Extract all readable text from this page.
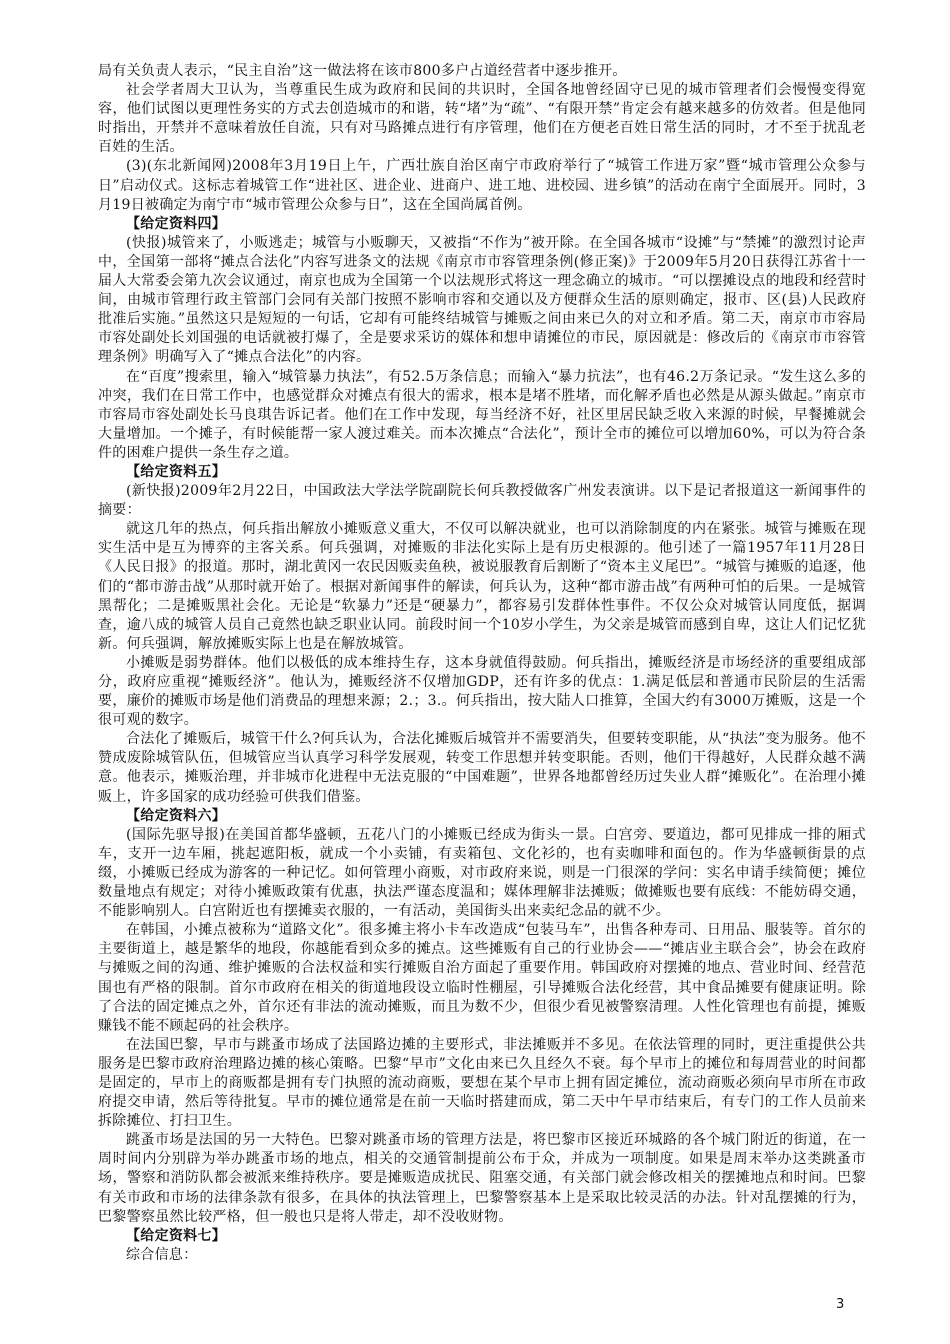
局有关负责人表示，“民主自治”这一做法将在该市800多户占道经营者中逐步推开。

社会学者周大卫认为，当尊重民生成为政府和民间的共识时，全国各地曾经固守已见的城市管理者们会慢慢变得宽容，他们试图以更理性务实的方式去创造城市的和谐，转“堵”为“疏”、“有限开禁”肯定会有越来越多的仿效者。但是他同时指出，开禁并不意味着放任自流，只有对马路摊点进行有序管理，他们在方便老百姓日常生活的同时，才不至于扰乱老百姓的生活。

(3)(东北新闻网)2008年3月19日上午，广西壮族自治区南宁市政府举行了“城管工作进万家”暨“城市管理公众参与日”启动仪式。这标志着城管工作“进社区、进企业、进商户、进工地、进校园、进乡镇”的活动在南宁全面展开。同时，3月19日被确定为南宁市“城市管理公众参与日”，这在全国尚属首例。

【给定资料四】

(快报)城管来了，小贩逃走；城管与小贩聊天，又被指“不作为”被开除。在全国各城市“设摊”与“禁摊”的激烈讨论声中，全国第一部将“摊点合法化”内容写进条文的法规《南京市市容管理条例(修正案)》于2009年5月20日获得江苏省十一届人大常委会第九次会议通过，南京也成为全国第一个以法规形式将这一理念确立的城市。“可以摆摊设点的地段和经营时间，由城市管理行政主管部门会同有关部门按照不影响市容和交通以及方便群众生活的原则确定，报市、区(县)人民政府批准后实施。”虽然这只是短短的一句话，它却有可能终结城管与摊贩之间由来已久的对立和矛盾。第二天，南京市市容局市容处副处长刘国强的电话就被打爆了，全是要求采访的媒体和想申请摊位的市民，原因就是：修改后的《南京市市容管理条例》明确写入了“摊点合法化”的内容。

在“百度”搜索里，输入“城管暴力执法”，有52.5万条信息；而输入“暴力抗法”，也有46.2万条记录。“发生这么多的冲突，我们在日常工作中，也感觉群众对摊点有很大的需求，根本是堵不胜堵，而化解矛盾也必然是从源头做起。”南京市市容局市容处副处长马良琪告诉记者。他们在工作中发现，每当经济不好，社区里居民缺乏收入来源的时候，早餐摊就会大量增加。一个摊子，有时候能帮一家人渡过难关。而本次摊点“合法化”，预计全市的摊位可以增加60%，可以为符合条件的困难户提供一条生存之道。

【给定资料五】

(新快报)2009年2月22日，中国政法大学法学院副院长何兵教授做客广州发表演讲。以下是记者报道这一新闻事件的摘要：

就这几年的热点，何兵指出解放小摊贩意义重大，不仅可以解决就业，也可以消除制度的内在紧张。城管与摊贩在现实生活中是互为博弈的主客关系。何兵强调，对摊贩的非法化实际上是有历史根源的。他引述了一篇1957年11月28日《人民日报》的报道。那时，湖北黄冈一农民因贩卖鱼秧，被说服教育后割断了“资本主义尾巴”。“城管与摊贩的追逐，他们的“都市游击战”从那时就开始了。根据对新闻事件的解读，何兵认为，这种“都市游击战”有两种可怕的后果。一是城管黑帮化；二是摊贩黑社会化。无论是“软暴力”还是“硬暴力”，都容易引发群体性事件。不仅公众对城管认同度低，据调查，逾八成的城管人员自己竟然也缺乏职业认同。前段时间一个10岁小学生，为父亲是城管而感到自卑，这让人们记忆犹新。何兵强调，解放摊贩实际上也是在解放城管。

小摊贩是弱势群体。他们以极低的成本维持生存，这本身就值得鼓励。何兵指出，摊贩经济是市场经济的重要组成部分，政府应重视“摊贩经济”。他认为，摊贩经济不仅增加GDP，还有许多的优点：1.满足低层和普通市民阶层的生活需要，廉价的摊贩市场是他们消费品的理想来源；2.；3.。何兵指出，按大陆人口推算，全国大约有3000万摊贩，这是一个很可观的数字。

合法化了摊贩后，城管干什么?何兵认为，合法化摊贩后城管并不需要消失，但要转变职能，从“执法”变为服务。他不赞成废除城管队伍，但城管应当认真学习科学发展观，转变工作思想并转变职能。否则，他们干得越好，人民群众越不满意。他表示，摊贩治理，并非城市化进程中无法克服的“中国难题”，世界各地都曾经历过失业人群“摊贩化”。在治理小摊贩上，许多国家的成功经验可供我们借鉴。

【给定资料六】

(国际先驱导报)在美国首都华盛顿，五花八门的小摊贩已经成为街头一景。白宫旁、要道边，都可见排成一排的厢式车，支开一边车厢，挑起遮阳板，就成一个小卖铺，有卖箱包、文化衫的，也有卖咖啡和面包的。作为华盛顿街景的点缀，小摊贩已经成为游客的一种记忆。如何管理小商贩，对市政府来说，则是一门很深的学问：实名申请手续简便；摊位数量地点有规定；对待小摊贩政策有优惠，执法严谨态度温和；媒体理解非法摊贩；做摊贩也要有底线：不能妨碍交通，不能影响别人。白宫附近也有摆摊卖衣服的，一有活动，美国街头出来卖纪念品的就不少。

在韩国，小摊点被称为“道路文化”。很多摊主将小卡车改造成“包装马车”，出售各种寿司、日用品、服装等。首尔的主要街道上，越是繁华的地段，你越能看到众多的摊点。这些摊贩有自己的行业协会——“摊店业主联合会”，协会在政府与摊贩之间的沟通、维护摊贩的合法权益和实行摊贩自治方面起了重要作用。韩国政府对摆摊的地点、营业时间、经营范围也有严格的限制。首尔市政府在相关的街道地段设立临时性棚屋，引导摊贩合法化经营，其中食品摊要有健康证明。除了合法的固定摊点之外，首尔还有非法的流动摊贩，而且为数不少，但很少看见被警察清理。人性化管理也有前提，摊贩赚钱不能不顾起码的社会秩序。

在法国巴黎，早市与跳蚤市场成了法国路边摊的主要形式，非法摊贩并不多见。在依法管理的同时，更注重提供公共服务是巴黎市政府治理路边摊的核心策略。巴黎“早市”文化由来已久且经久不衰。每个早市上的摊位和每周营业的时间都是固定的，早市上的商贩都是拥有专门执照的流动商贩，要想在某个早市上拥有固定摊位，流动商贩必须向早市所在市政府提交申请，然后等待批复。早市的摊位通常是在前一天临时搭建而成，第二天中午早市结束后，有专门的工作人员前来拆除摊位、打扫卫生。

跳蚤市场是法国的另一大特色。巴黎对跳蚤市场的管理方法是，将巴黎市区接近环城路的各个城门附近的街道，在一周时间内分别辟为举办跳蚤市场的地点，相关的交通管制提前公布于众，并成为一项制度。如果是周末举办这类跳蚤市场，警察和消防队都会被派来维持秩序。要是摊贩造成扰民、阻塞交通，有关部门就会修改相关的摆摊地点和时间。巴黎有关市政和市场的法律条款有很多，在具体的执法管理上，巴黎警察基本上是采取比较灵活的办法。针对乱摆摊的行为，巴黎警察虽然比较严格，但一般也只是将人带走，却不没收财物。

【给定资料七】

综合信息：

3
